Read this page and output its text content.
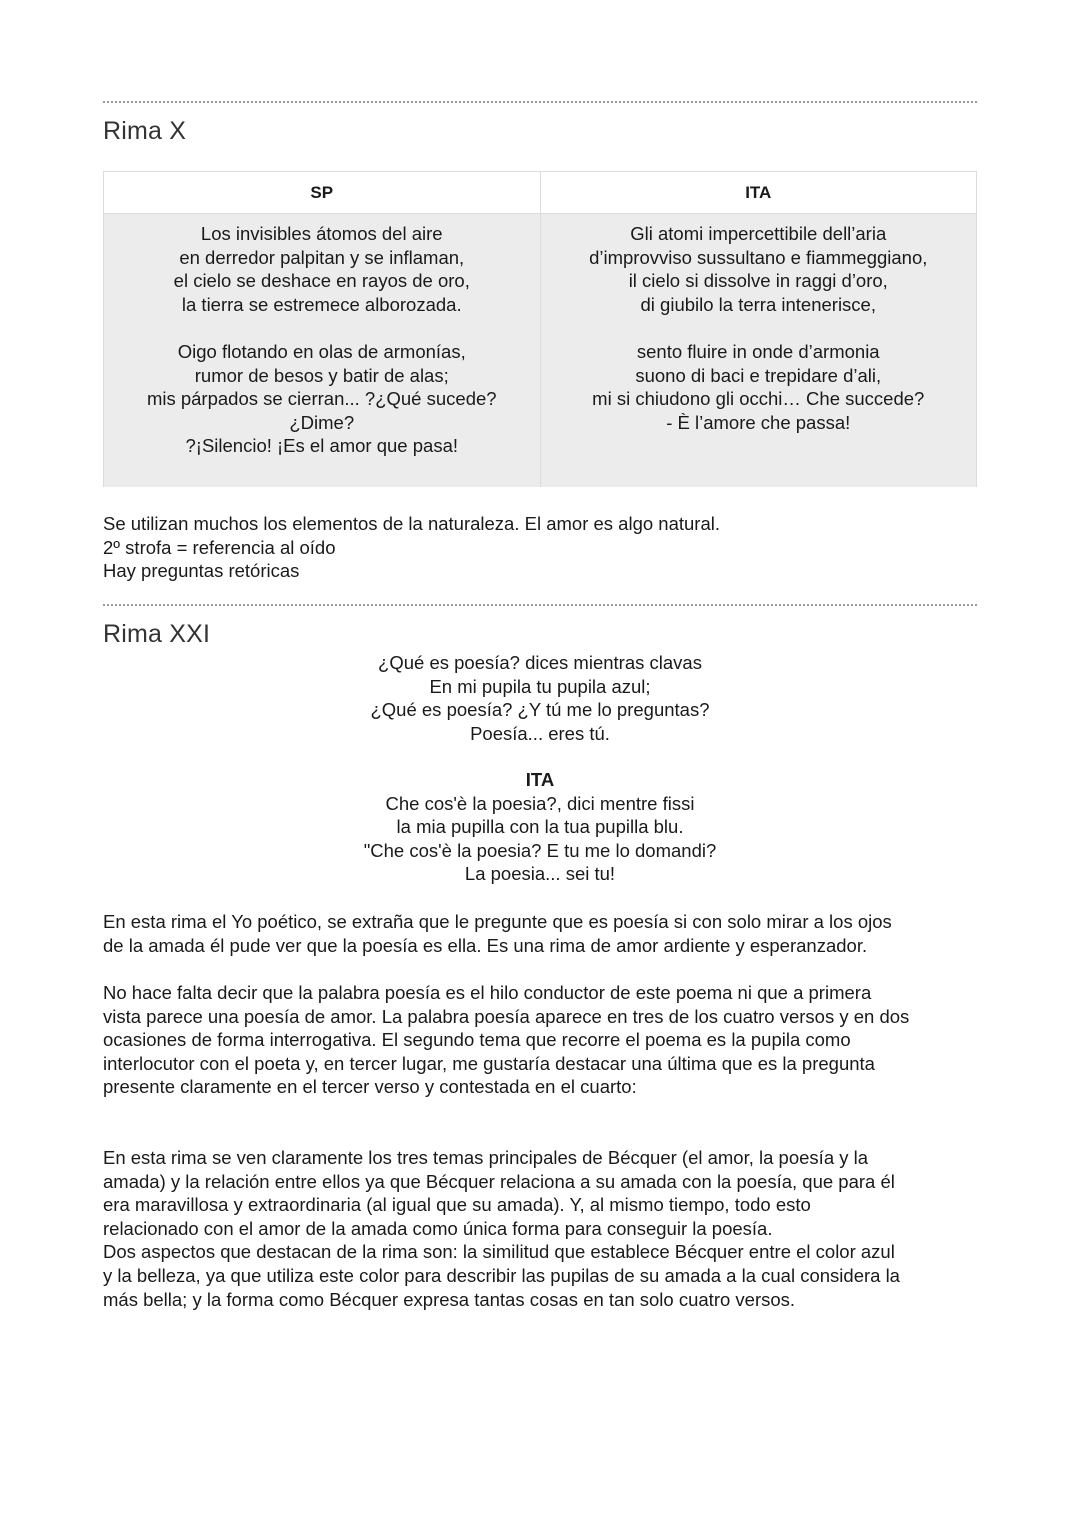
Rima X
SP	ITA
Los invisibles átomos del aire
en derredor palpitan y se inflaman,
el cielo se deshace en rayos de oro,
la tierra se estremece alborozada.
Oigo flotando en olas de armonías,
rumor de besos y batir de alas;
mis párpados se cierran... ?¿Qué sucede?
¿Dime?
?¡Silencio! ¡Es el amor que pasa!
Gli atomi impercettibile dell’aria
d’improvviso sussultano e fiammeggiano,
il cielo si dissolve in raggi d’oro,
di giubilo la terra intenerisce,
sento fluire in onde d’armonia
suono di baci e trepidare d’ali,
mi si chiudono gli occhi… Che succede?
- È l’amore che passa!
Se utilizan muchos los elementos de la naturaleza. El amor es algo natural.
2º strofa = referencia al oído
Hay preguntas retóricas
Rima XXI
¿Qué es poesía? dices mientras clavas
En mi pupila tu pupila azul;
¿Qué es poesía? ¿Y tú me lo preguntas?
Poesía... eres tú.
ITA
Che cos'è la poesia?, dici mentre fissi
la mia pupilla con la tua pupilla blu.
"Che cos'è la poesia? E tu me lo domandi?
La poesia... sei tu!
En esta rima el Yo poético, se extraña que le pregunte que es poesía si con solo mirar a los ojos
de la amada él pude ver que la poesía es ella. Es una rima de amor ardiente y esperanzador.
No hace falta decir que la palabra poesía es el hilo conductor de este poema ni que a primera
vista parece una poesía de amor. La palabra poesía aparece en tres de los cuatro versos y en dos
ocasiones de forma interrogativa. El segundo tema que recorre el poema es la pupila como
interlocutor con el poeta y, en tercer lugar, me gustaría destacar una última que es la pregunta
presente claramente en el tercer verso y contestada en el cuarto:
En esta rima se ven claramente los tres temas principales de Bécquer (el amor, la poesía y la
amada) y la relación entre ellos ya que Bécquer relaciona a su amada con la poesía, que para él
era maravillosa y extraordinaria (al igual que su amada). Y, al mismo tiempo, todo esto
relacionado con el amor de la amada como única forma para conseguir la poesía.
Dos aspectos que destacan de la rima son: la similitud que establece Bécquer entre el color azul
y la belleza, ya que utiliza este color para describir las pupilas de su amada a la cual considera la
más bella; y la forma como Bécquer expresa tantas cosas en tan solo cuatro versos.
